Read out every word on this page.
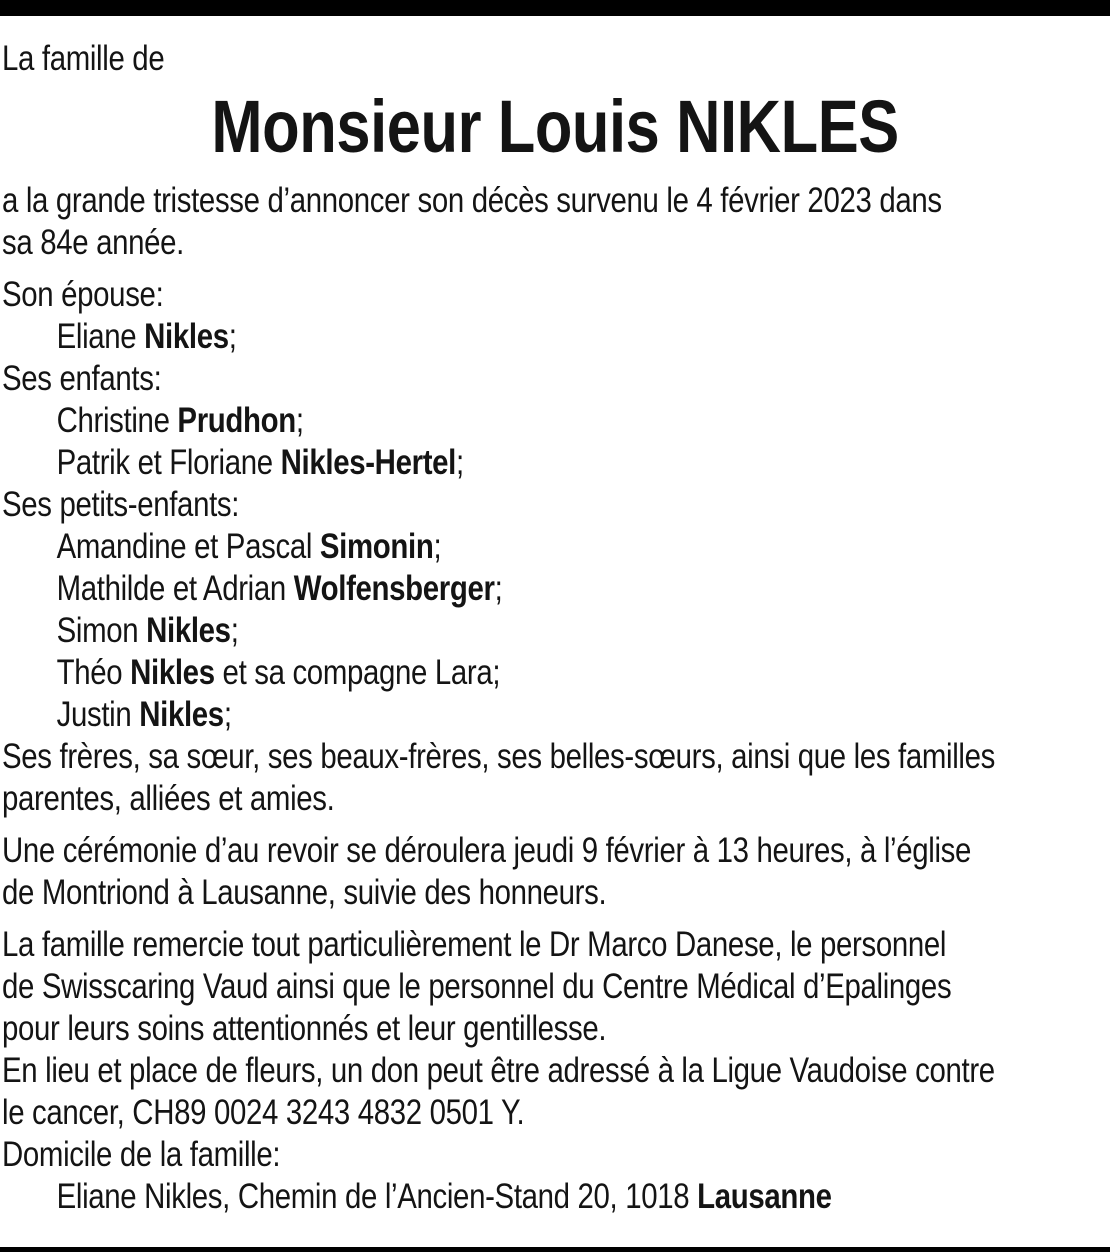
La famille de

Monsieur Louis NIKLES

a la grande tristesse d’annoncer son décès survenu le 4 février 2023 dans
sa 84e année.

Son épouse:
Eliane Nikles;
Ses enfants:
Christine Prudhon;
Patrik et Floriane Nikles-Hertel;
Ses petits-enfants:
Amandine et Pascal Simonin;
Mathilde et Adrian Wolfensberger;
Simon Nikles;
Théo Nikles et sa compagne Lara;
Justin Nikles;
Ses frères, sa sœur, ses beaux-frères, ses belles-sœurs, ainsi que les familles
parentes, alliées et amies.

Une cérémonie d’au revoir se déroulera jeudi 9 février à 13 heures, à l’église
de Montriond à Lausanne, suivie des honneurs.

La famille remercie tout particulièrement le Dr Marco Danese, le personnel
de Swisscaring Vaud ainsi que le personnel du Centre Médical d’Epalinges
pour leurs soins attentionnés et leur gentillesse.

En lieu et place de fleurs, un don peut être adressé à la Ligue Vaudoise contre
le cancer, CH89 0024 3243 4832 0501 Y.

Domicile de la famille:
Eliane Nikles, Chemin de l’Ancien-Stand 20, 1018 Lausanne
